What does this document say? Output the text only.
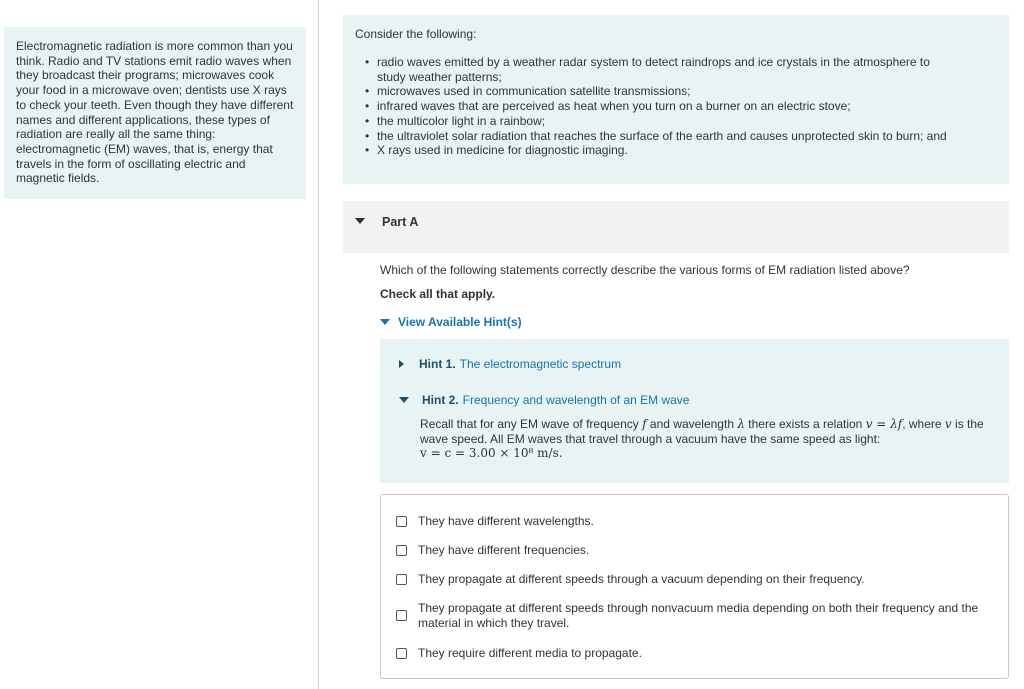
Electromagnetic radiation is more common than you think. Radio and TV stations emit radio waves when they broadcast their programs; microwaves cook your food in a microwave oven; dentists use X rays to check your teeth. Even though they have different names and different applications, these types of radiation are really all the same thing: electromagnetic (EM) waves, that is, energy that travels in the form of oscillating electric and magnetic fields.

Consider the following:
• radio waves emitted by a weather radar system to detect raindrops and ice crystals in the atmosphere to study weather patterns;
• microwaves used in communication satellite transmissions;
• infrared waves that are perceived as heat when you turn on a burner on an electric stove;
• the multicolor light in a rainbow;
• the ultraviolet solar radiation that reaches the surface of the earth and causes unprotected skin to burn; and
• X rays used in medicine for diagnostic imaging.
Part A
Which of the following statements correctly describe the various forms of EM radiation listed above?
Check all that apply.
View Available Hint(s)
Hint 1. The electromagnetic spectrum
Hint 2. Frequency and wavelength of an EM wave
Recall that for any EM wave of frequency f and wavelength λ there exists a relation v = λf, where v is the wave speed. All EM waves that travel through a vacuum have the same speed as light:
v = c = 3.00 × 10⁸ m/s.
They have different wavelengths.
They have different frequencies.
They propagate at different speeds through a vacuum depending on their frequency.
They propagate at different speeds through nonvacuum media depending on both their frequency and the material in which they travel.
They require different media to propagate.
